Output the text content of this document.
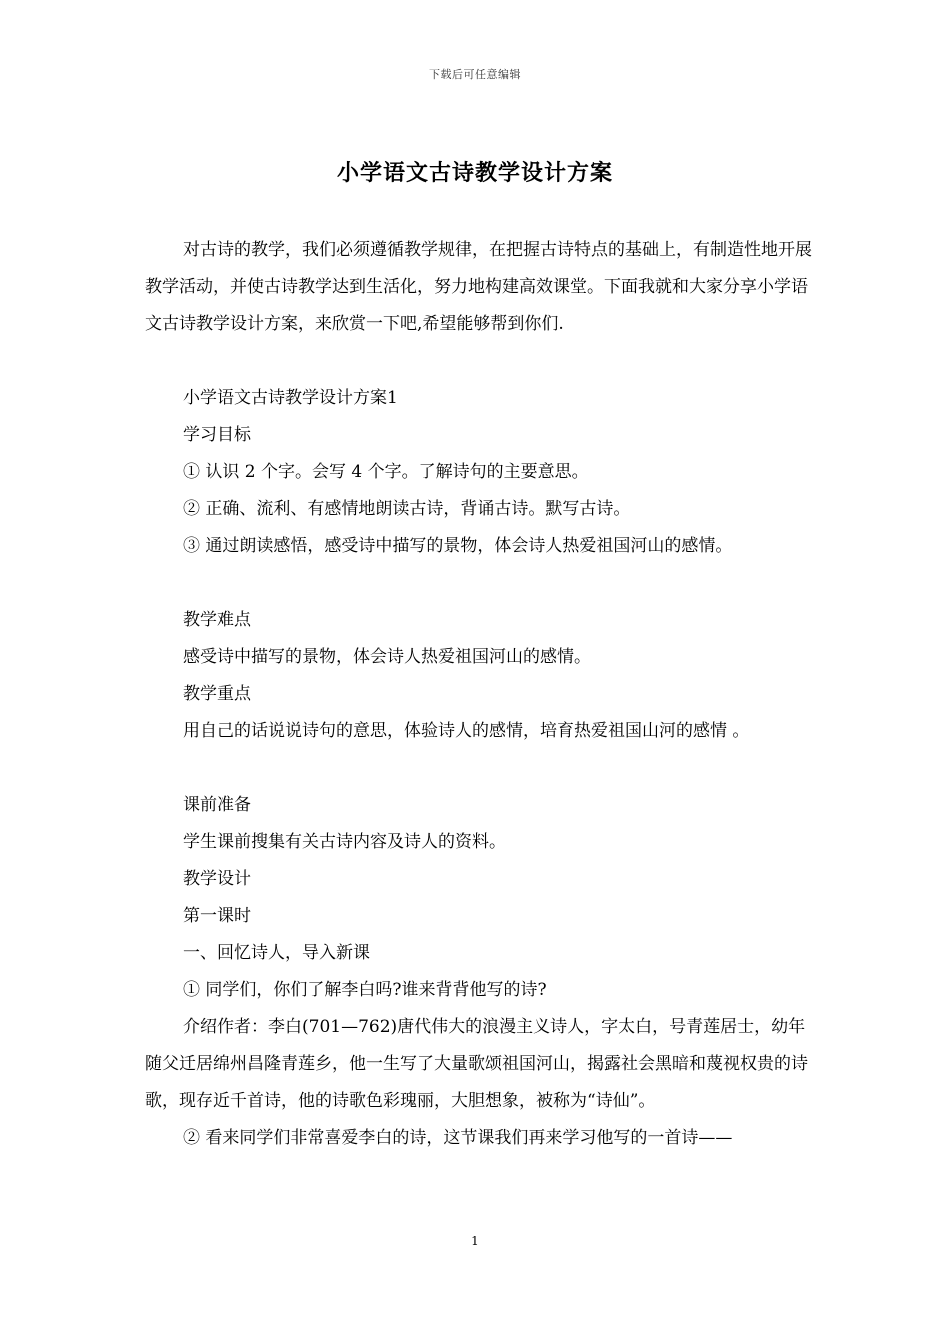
下载后可任意编辑
小学语文古诗教学设计方案

对古诗的教学，我们必须遵循教学规律，在把握古诗特点的基础上，有制造性地开展教学活动，并使古诗教学达到生活化，努力地构建高效课堂。下面我就和大家分享小学语文古诗教学设计方案，来欣赏一下吧,希望能够帮到你们.

小学语文古诗教学设计方案1

学习目标

① 认识 2 个字。会写 4 个字。了解诗句的主要意思。

② 正确、流利、有感情地朗读古诗，背诵古诗。默写古诗。

③ 通过朗读感悟，感受诗中描写的景物，体会诗人热爱祖国河山的感情。

教学难点

感受诗中描写的景物，体会诗人热爱祖国河山的感情。

教学重点

用自己的话说说诗句的意思，体验诗人的感情，培育热爱祖国山河的感情 。

课前准备

学生课前搜集有关古诗内容及诗人的资料。

教学设计

第一课时

一、回忆诗人，导入新课

① 同学们，你们了解李白吗?谁来背背他写的诗?

介绍作者：李白(701—762)唐代伟大的浪漫主义诗人，字太白，号青莲居士，幼年随父迁居绵州昌隆青莲乡，他一生写了大量歌颂祖国河山，揭露社会黑暗和蔑视权贵的诗歌，现存近千首诗，他的诗歌色彩瑰丽，大胆想象，被称为“诗仙”。

② 看来同学们非常喜爱李白的诗，这节课我们再来学习他写的一首诗——

1
